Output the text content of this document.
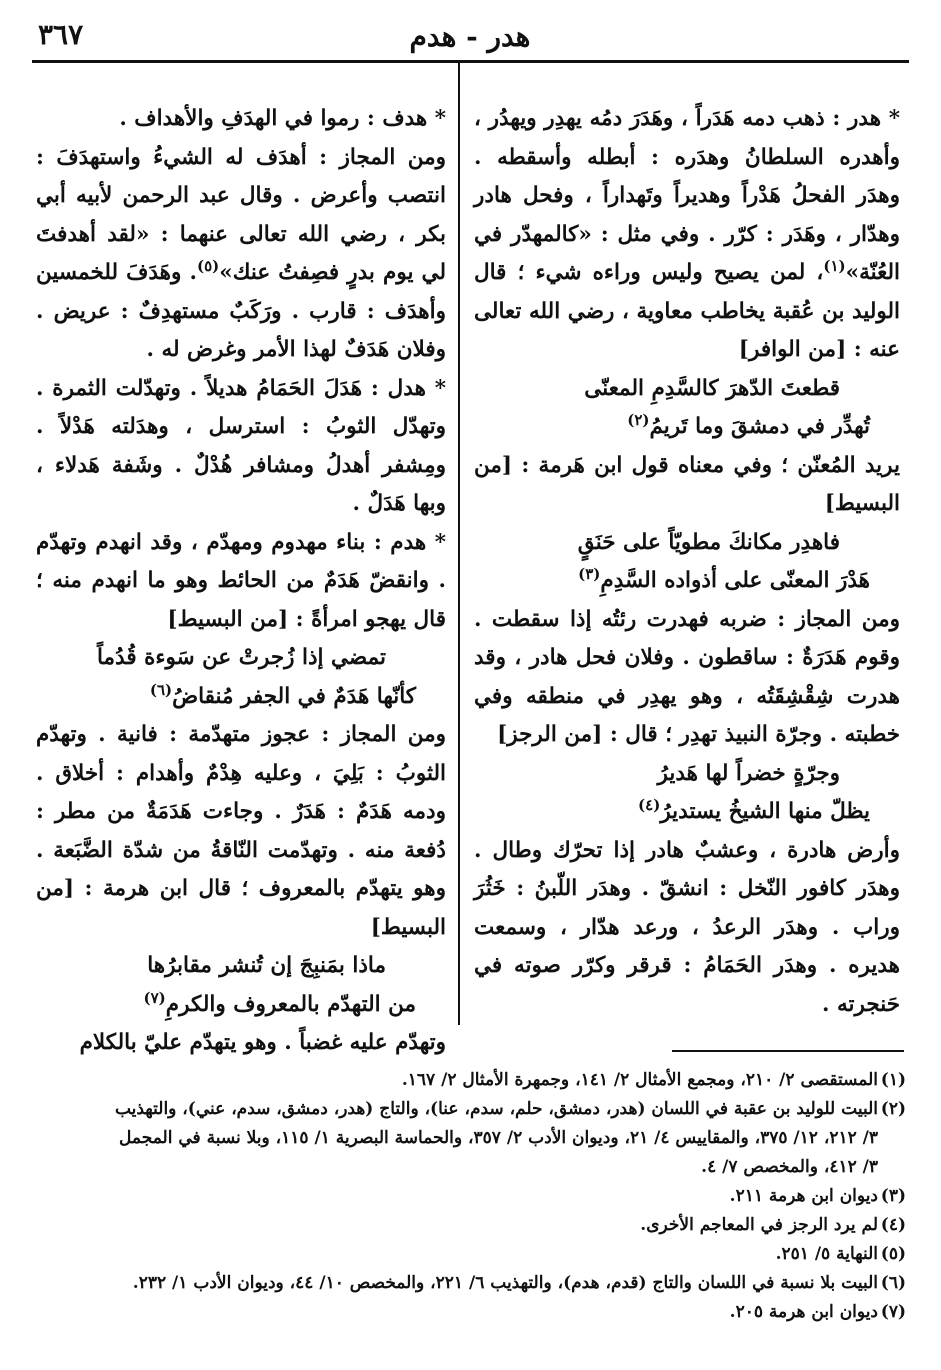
هدر - هدم
٣٦٧
* هدر : ذهب دمه هَدَراً ، وهَدَرَ دمُه يهدِر ويهدُر ، وأهدره السلطانُ وهدَره : أبطله وأسقطه . وهدَر الفحلُ هَدْراً وهديراً وتَهداراً ، وفحل هادر وهدّار ، وهَدَر : كرّر . وفي مثل : «كالمهدّر في العُنّة»$^{(١)}$، لمن يصيح وليس وراءه شيء ؛ قال الوليد بن عُقبة يخاطب معاوية ، رضي الله تعالى عنه : [من الوافر]

قطعتَ الدّهرَ كالسَّدِمِ المعنّى

تُهدِّر في دمشقَ وما تَريمُ$^{(٢)}$

يريد المُعنّن ؛ وفي معناه قول ابن هَرمة : [من البسيط]

فاهدِر مكانكَ مطويّاً على حَنَقٍ

هَدْرَ المعنّى على أذواده السَّدِمِ$^{(٣)}$

ومن المجاز : ضربه فهدرت رئتُه إذا سقطت . وقوم هَدَرَةٌ : ساقطون . وفلان فحل هادر ، وقد هدرت شِقْشِقَتُه ، وهو يهدِر في منطقه وفي خطبته . وجرّة النبيذ تهدِر ؛ قال : [من الرجز]

وجرّةٍ خضراً لها هَديرُ

يظلّ منها الشيخُ يستديرُ$^{(٤)}$

وأرض هادرة ، وعشبٌ هادر إذا تحرّك وطال . وهدَر كافور النّخل : انشقّ . وهدَر اللّبنُ : خَثُرَ وراب . وهدَر الرعدُ ، ورعد هدّار ، وسمعت هديره . وهدَر الحَمَامُ : قرقر وكرّر صوته في حَنجرته .
* هدف : رموا في الهدَفِ والأهداف .
ومن المجاز : أهدَف له الشيءُ واستهدَفَ : انتصب وأعرض . وقال عبد الرحمن لأبيه أبي بكر ، رضي الله تعالى عنهما : «لقد أهدفتَ لي يوم بدرٍ فصِفتُ عنك»$^{(٥)}$. وهَدَفَ للخمسين وأهدَف : قارب . ورَكَبٌ مستهدِفٌ : عريض . وفلان هَدَفٌ لهذا الأمر وغرض له .
* هدل : هَدَلَ الحَمَامُ هديلاً . وتهدّلت الثمرة . وتهدّل الثوبُ : استرسل ، وهدَلته هَدْلاً . ومِشفر أهدلُ ومشافر هُدْلٌ . وشَفة هَدلاء ، وبها هَدَلٌ .
* هدم : بناء مهدوم ومهدّم ، وقد انهدم وتهدّم . وانقضّ هَدَمٌ من الحائط وهو ما انهدم منه ؛ قال يهجو امرأةً : [من البسيط]

تمضي إذا زُجرتْ عن سَوءة قُدُماً

كأنّها هَدَمٌ في الجفر مُنقاضُ$^{(٦)}$

ومن المجاز : عجوز متهدّمة : فانية . وتهدّم الثوبُ : بَلِيَ ، وعليه هِدْمٌ وأهدام : أخلاق . ودمه هَدَمٌ : هَدَرٌ . وجاءت هَدَمَةٌ من مطر : دُفعة منه . وتهدّمت النّاقةُ من شدّة الضَّبَعة . وهو يتهدّم بالمعروف ؛ قال ابن هرمة : [من البسيط]

ماذا بمَنبِجَ إن تُنشر مقابرُها

من التهدّم بالمعروف والكرمِ$^{(٧)}$

وتهدّم عليه غضباً . وهو يتهدّم عليّ بالكلام

(١)المستقصى ٢/ ٢١٠، ومجمع الأمثال ٢/ ١٤١، وجمهرة الأمثال ٢/ ١٦٧.

(٢)البيت للوليد بن عقبة في اللسان (هدر، دمشق، حلم، سدم، عنا)، والتاج (هدر، دمشق، سدم، عني)، والتهذيب

٣/ ٢١٢، ١٢/ ٣٧٥، والمقاييس ٤/ ٢١، وديوان الأدب ٢/ ٣٥٧، والحماسة البصرية ١/ ١١٥، وبلا نسبة في المجمل

٣/ ٤١٢، والمخصص ٧/ ٤.

(٣)ديوان ابن هرمة ٢١١.

(٤)لم يرد الرجز في المعاجم الأخرى.

(٥)النهاية ٥/ ٢٥١.

(٦)البيت بلا نسبة في اللسان والتاج (قدم، هدم)، والتهذيب ٦/ ٢٢١، والمخصص ١٠/ ٤٤، وديوان الأدب ١/ ٢٣٢.

(٧)ديوان ابن هرمة ٢٠٥.
